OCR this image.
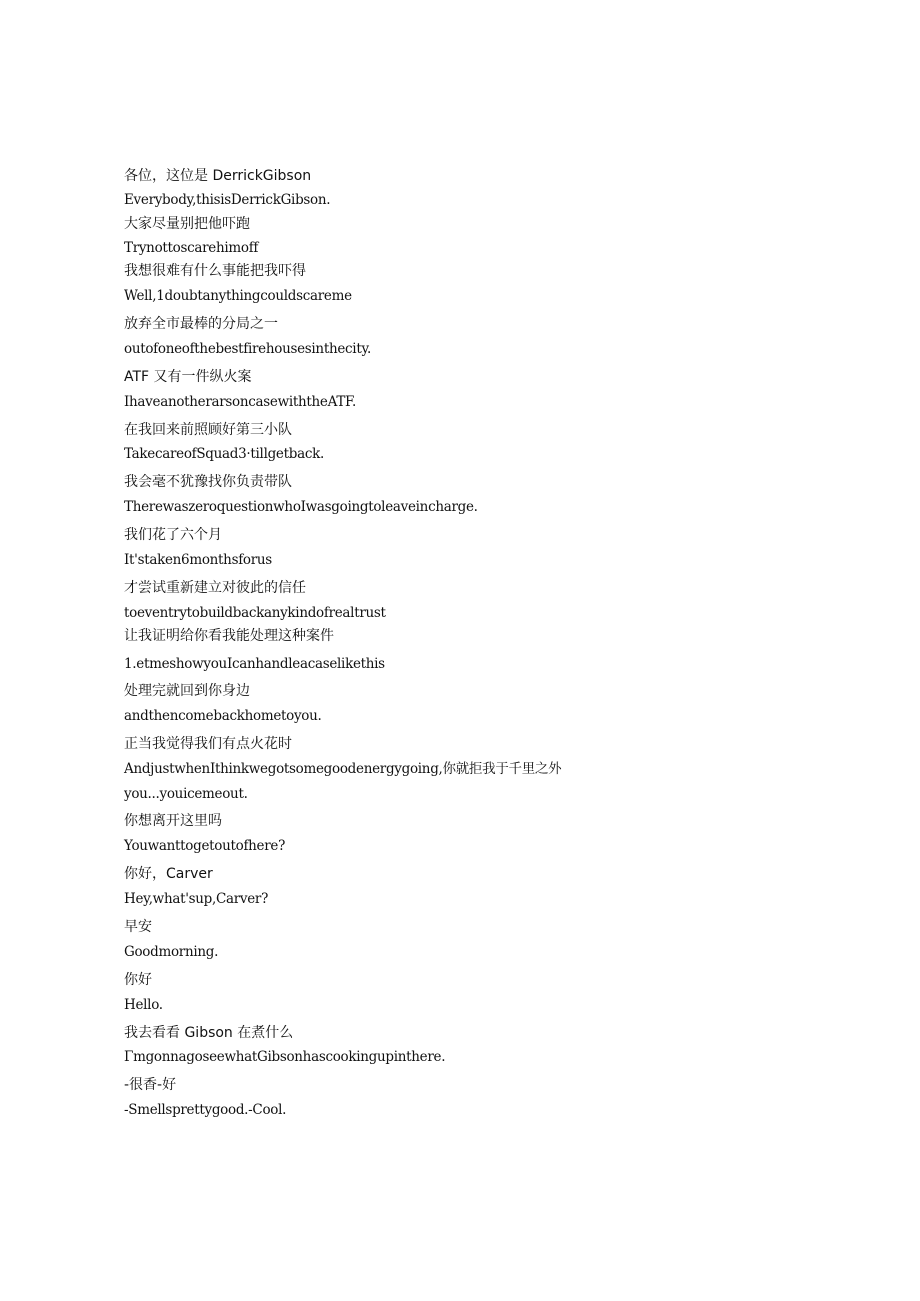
各位，这位是 DerrickGibson
Everybody,thisisDerrickGibson.
大家尽量别把他吓跑
Trynottoscarehimoff
我想很难有什么事能把我吓得
Well,1doubtanythingcouldscareme
放弃全市最棒的分局之一
outofoneofthebestfirehousesinthecity.
ATF 又有一件纵火案
IhaveanotherarsoncasewiththeATF.
在我回来前照顾好第三小队
TakecareofSquad3·tillgetback.
我会毫不犹豫找你负责带队
TherewaszeroquestionwhoIwasgoingtoleaveincharge.
我们花了六个月
It'staken6monthsforus
才尝试重新建立对彼此的信任
toeventrytobuildbackanykindofrealtrust
让我证明给你看我能处理这种案件
1.etmeshowyouIcanhandleacaselikethis
处理完就回到你身边
andthencomebackhometoyou.
正当我觉得我们有点火花时
AndjustwhenIthinkwegotsomegoodenergygoing,你就拒我于千里之外
you...youicemeout.
你想离开这里吗
Youwanttogetoutofhere?
你好，Carver
Hey,what'sup,Carver?
早安
Goodmorning.
你好
Hello.
我去看看 Gibson 在煮什么
ΓmgonnagoseewhatGibsonhascookingupinthere.
-很香-好
-Smellsprettygood.-Cool.
